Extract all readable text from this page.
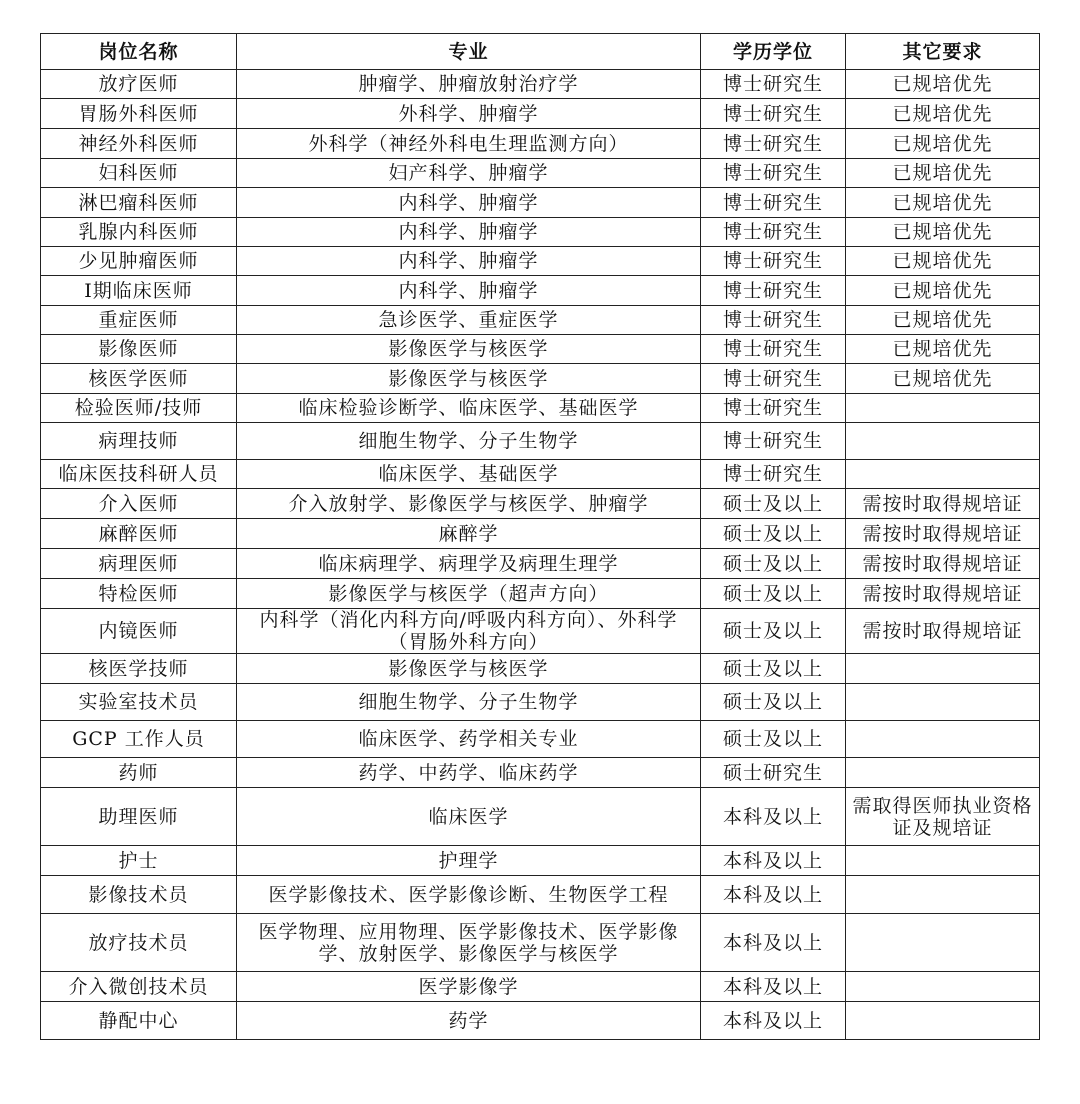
岗位名称	专业	学历学位	其它要求
放疗医师	肿瘤学、肿瘤放射治疗学	博士研究生	已规培优先
胃肠外科医师	外科学、肿瘤学	博士研究生	已规培优先
神经外科医师	外科学（神经外科电生理监测方向）	博士研究生	已规培优先
妇科医师	妇产科学、肿瘤学	博士研究生	已规培优先
淋巴瘤科医师	内科学、肿瘤学	博士研究生	已规培优先
乳腺内科医师	内科学、肿瘤学	博士研究生	已规培优先
少见肿瘤医师	内科学、肿瘤学	博士研究生	已规培优先
Ⅰ期临床医师	内科学、肿瘤学	博士研究生	已规培优先
重症医师	急诊医学、重症医学	博士研究生	已规培优先
影像医师	影像医学与核医学	博士研究生	已规培优先
核医学医师	影像医学与核医学	博士研究生	已规培优先
检验医师/技师	临床检验诊断学、临床医学、基础医学	博士研究生	
病理技师	细胞生物学、分子生物学	博士研究生	
临床医技科研人员	临床医学、基础医学	博士研究生	
介入医师	介入放射学、影像医学与核医学、肿瘤学	硕士及以上	需按时取得规培证
麻醉医师	麻醉学	硕士及以上	需按时取得规培证
病理医师	临床病理学、病理学及病理生理学	硕士及以上	需按时取得规培证
特检医师	影像医学与核医学（超声方向）	硕士及以上	需按时取得规培证
内镜医师	内科学（消化内科方向/呼吸内科方向）、外科学（胃肠外科方向）	硕士及以上	需按时取得规培证
核医学技师	影像医学与核医学	硕士及以上	
实验室技术员	细胞生物学、分子生物学	硕士及以上	
GCP 工作人员	临床医学、药学相关专业	硕士及以上	
药师	药学、中药学、临床药学	硕士研究生	
助理医师	临床医学	本科及以上	需取得医师执业资格证及规培证
护士	护理学	本科及以上	
影像技术员	医学影像技术、医学影像诊断、生物医学工程	本科及以上	
放疗技术员	医学物理、应用物理、医学影像技术、医学影像学、放射医学、影像医学与核医学	本科及以上	
介入微创技术员	医学影像学	本科及以上	
静配中心	药学	本科及以上	
